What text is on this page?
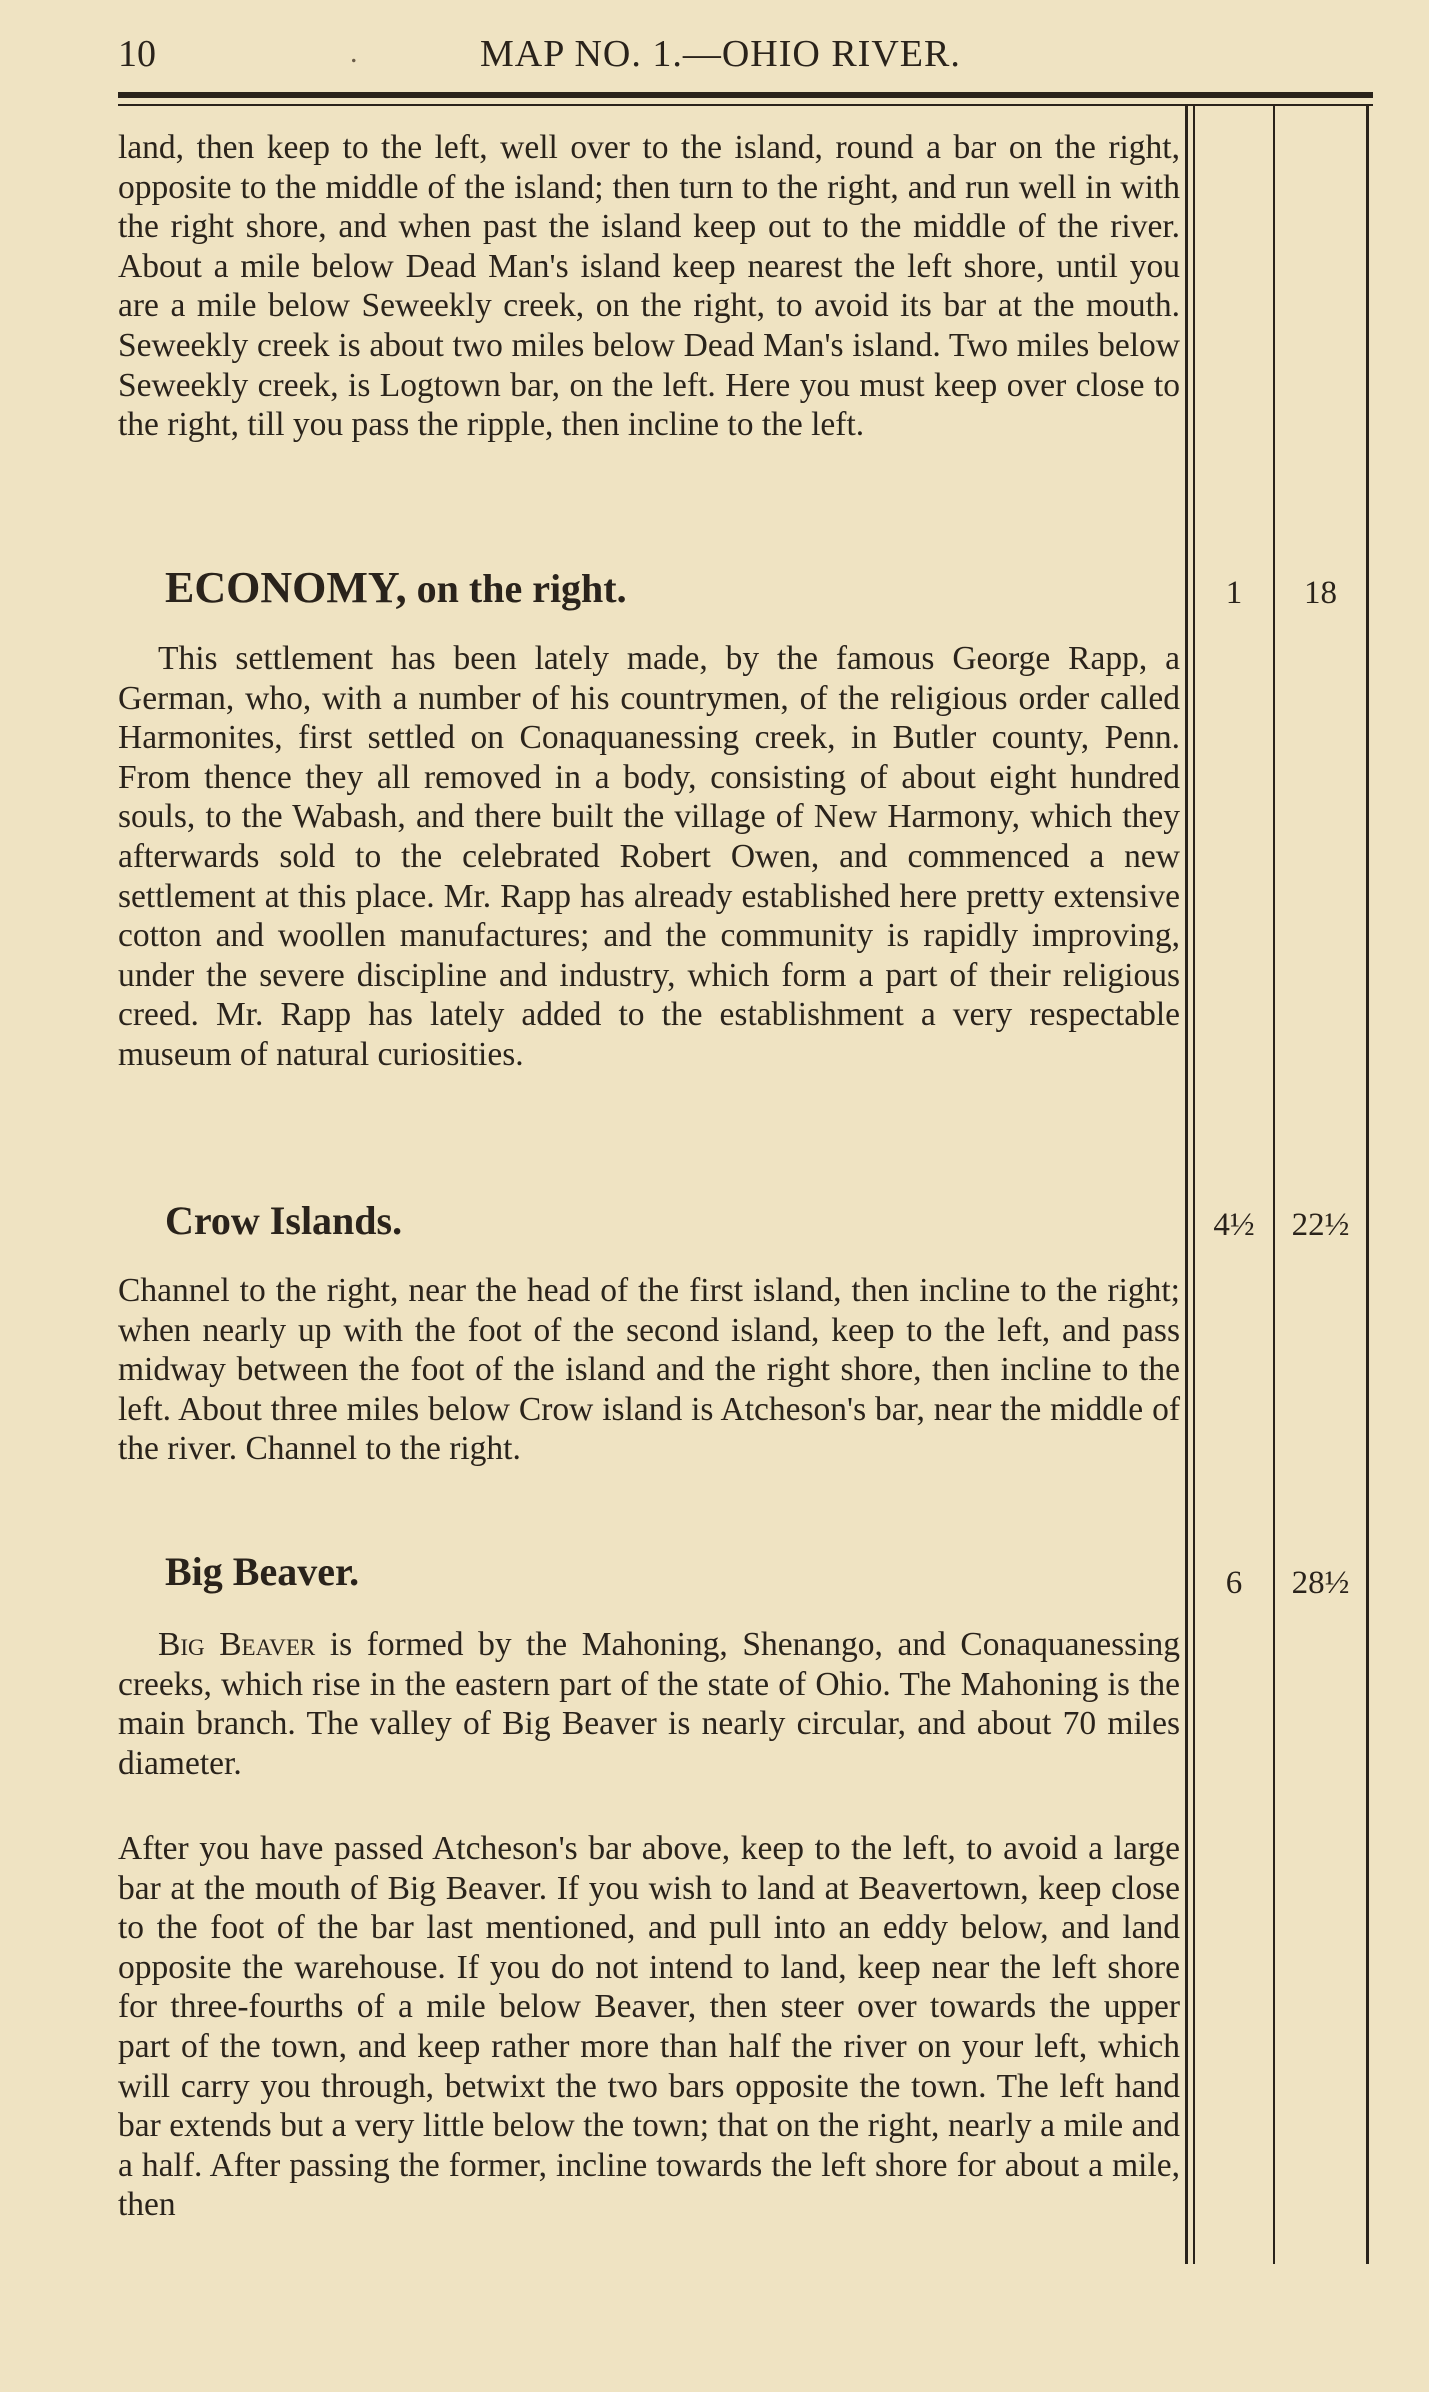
10	.	MAP NO. 1.—OHIO RIVER.

land, then keep to the left, well over to the island, round a bar on the right, opposite to the middle of the island; then turn to the right, and run well in with the right shore, and when past the island keep out to the middle of the river. About a mile below Dead Man's island keep nearest the left shore, until you are a mile below Seweekly creek, on the right, to avoid its bar at the mouth. Seweekly creek is about two miles below Dead Man's island. Two miles below Seweekly creek, is Logtown bar, on the left. Here you must keep over close to the right, till you pass the ripple, then incline to the left.

ECONOMY, on the right.	1	18

This settlement has been lately made, by the famous George Rapp, a German, who, with a number of his countrymen, of the religious order called Harmonites, first settled on Conaquanessing creek, in Butler county, Penn. From thence they all removed in a body, consisting of about eight hundred souls, to the Wabash, and there built the village of New Harmony, which they afterwards sold to the celebrated Robert Owen, and commenced a new settlement at this place. Mr. Rapp has already established here pretty extensive cotton and woollen manufactures; and the community is rapidly improving, under the severe discipline and industry, which form a part of their religious creed. Mr. Rapp has lately added to the establishment a very respectable museum of natural curiosities.

Crow Islands.	4½	22½

Channel to the right, near the head of the first island, then incline to the right; when nearly up with the foot of the second island, keep to the left, and pass midway between the foot of the island and the right shore, then incline to the left. About three miles below Crow island is Atcheson's bar, near the middle of the river. Channel to the right.

Big Beaver.	6	28½

Big Beaver is formed by the Mahoning, Shenango, and Conaquanessing creeks, which rise in the eastern part of the state of Ohio. The Mahoning is the main branch. The valley of Big Beaver is nearly circular, and about 70 miles diameter.

After you have passed Atcheson's bar above, keep to the left, to avoid a large bar at the mouth of Big Beaver. If you wish to land at Beavertown, keep close to the foot of the bar last mentioned, and pull into an eddy below, and land opposite the warehouse. If you do not intend to land, keep near the left shore for three-fourths of a mile below Beaver, then steer over towards the upper part of the town, and keep rather more than half the river on your left, which will carry you through, betwixt the two bars opposite the town. The left hand bar extends but a very little below the town; that on the right, nearly a mile and a half. After passing the former, incline towards the left shore for about a mile, then
